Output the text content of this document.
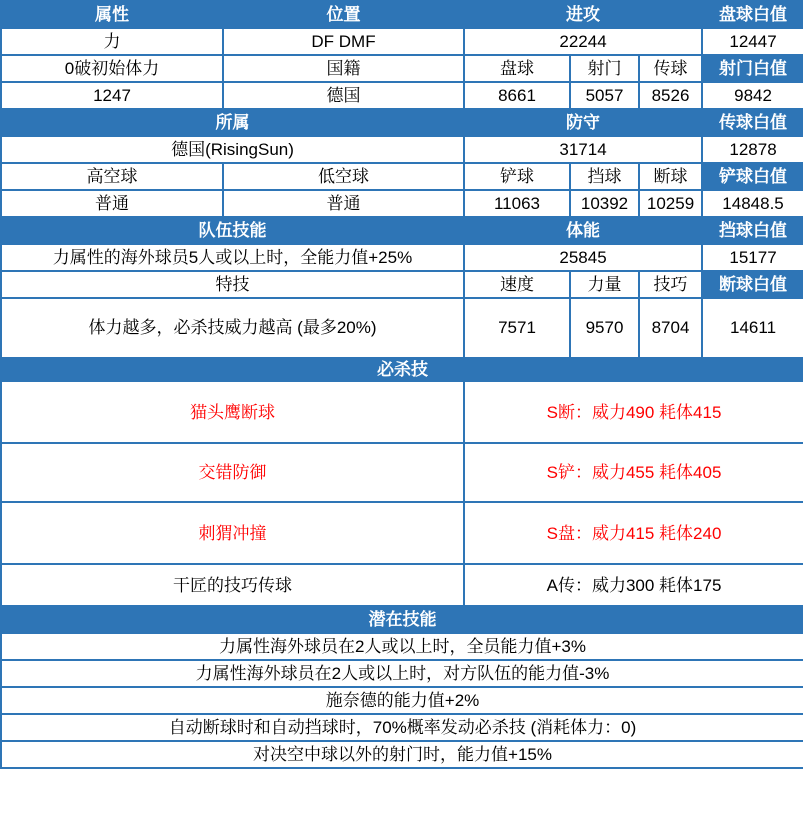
属性	位置	进攻			盘球白值
力	DF DMF	22244			12447
0破初始体力	国籍	盘球	射门	传球	射门白值
1247	德国	8661	5057	8526	9842
所属		防守			传球白值
德国(RisingSun)		31714			12878
高空球	低空球	铲球	挡球	断球	铲球白值
普通	普通	11063	10392	10259	14848.5
队伍技能		体能			挡球白值
力属性的海外球员5人或以上时，全能力值+25%		25845			15177
特技		速度	力量	技巧	断球白值
体力越多，必杀技威力越高 (最多20%)		7571	9570	8704	14611
必杀技					
猫头鹰断球		S断：威力490 耗体415			
交错防御		S铲：威力455 耗体405			
刺猬冲撞		S盘：威力415 耗体240			
干匠的技巧传球		A传：威力300 耗体175			
潜在技能					
力属性海外球员在2人或以上时，全员能力值+3%					
力属性海外球员在2人或以上时，对方队伍的能力值-3%					
施奈德的能力值+2%					
自动断球时和自动挡球时，70%概率发动必杀技 (消耗体力：0)					
对决空中球以外的射门时，能力值+15%					
